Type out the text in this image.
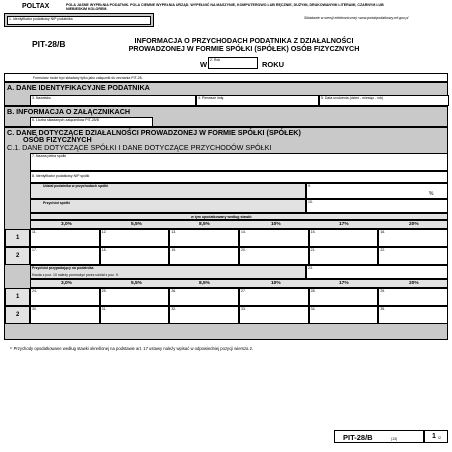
POLTAX	POLA JASNE WYPEŁNIA PODATNIK. POLA CIEMNE WYPEŁNIA URZĄD. WYPEŁNIĆ NA MASZYNIE, KOMPUTEROWO LUB RĘCZNIE, DUŻYMI, DRUKOWANYMI LITERAMI, CZARNYM LUB NIEBIESKIM KOLOREM.
Składanie w wersji elektronicznej: www.portalpodatkowy.mf.gov.pl
1. Identyfikator podatkowy NIP podatnika
PIT-28/B	INFORMACJA O PRZYCHODACH PODATNIKA Z DZIAŁALNOŚCI
PROWADZONEJ W FORMIE SPÓŁKI (SPÓŁEK) OSÓB FIZYCZNYCH
W 2. Rok	ROKU
Formularz może być składany tylko jako załącznik do zeznania PIT-28.
A. DANE IDENTYFIKACYJNE PODATNIKA
3. Nazwisko	4. Pierwsze imię	5. Data urodzenia (dzień - miesiąc - rok)
B. INFORMACJA O ZAŁĄCZNIKACH
6. Liczba składanych załączników PIT-28/B
C. DANE DOTYCZĄCE DZIAŁALNOŚCI PROWADZONEJ W FORMIE SPÓŁKI (SPÓŁEK)
OSÓB FIZYCZNYCH
C.1. DANE DOTYCZĄCE SPÓŁKI I DANE DOTYCZĄCE PRZYCHODÓW SPÓŁKI
7. Nazwa pełna spółki
8. Identyfikator podatkowy NIP spółki
Udział podatnika w przychodach spółki	9.
%
Przychód spółki	10.
w tym opodatkowany według stawki:
3,0%	5,5%	8,5%	10%	17%	20%
1
11.	12.	13.	14.	15.	16.
2
17.	18.	19.	20.	21.	22.
Przychód przypadający na podatnika
Kwota z poz. 10 należy pomnożyć przez udział z poz. 9.
23.
3,0%	5,5%	8,5%	10%	17%	20%
1
24.	25.	26.	27.	28.	29.
2
30.	31.	32.	33.	34.	35.
¹⁾ Przychody opodatkowane według stawki określonej na podstawie art. 17 ustawy należy wpisać w odpowiedniej pozycji wiersza 2.
PIT-28/B	(13)	1 /2
